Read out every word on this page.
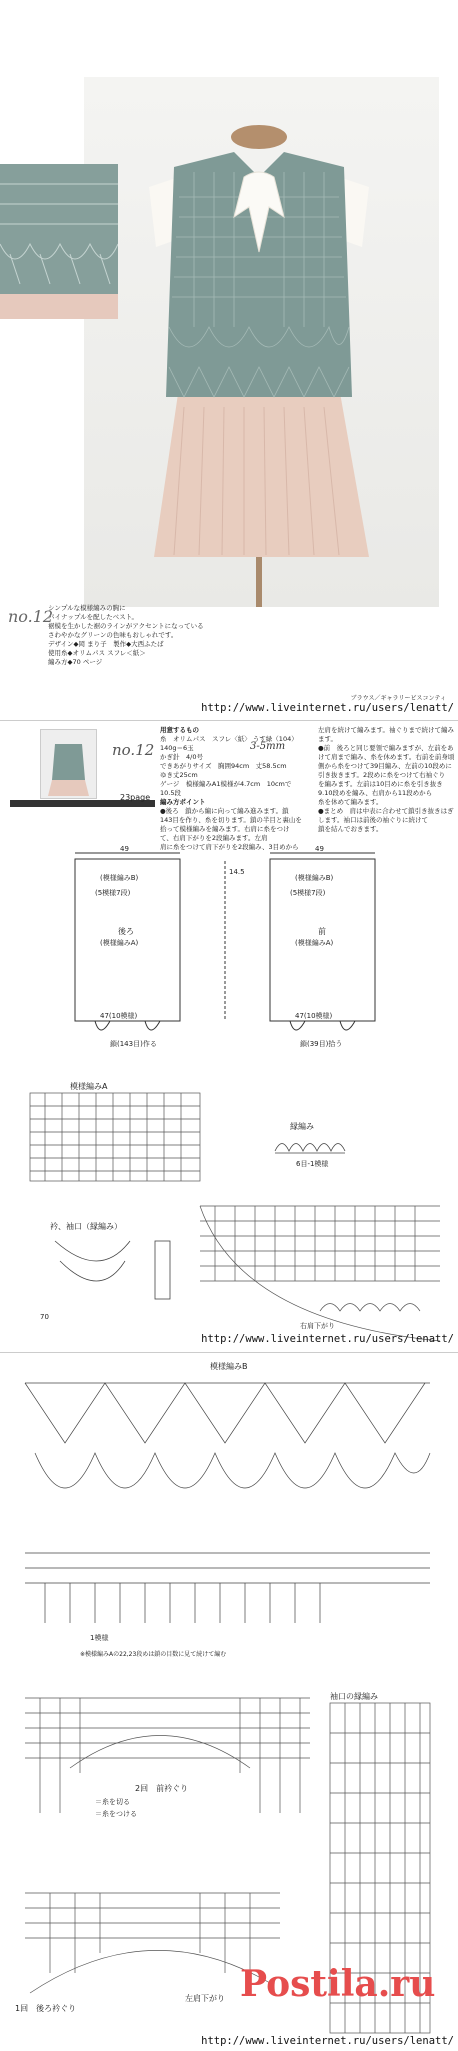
no.12
シンプルな模様編みの胸に
パイナップルを配したベスト。
裾模を生かした裾のラインがアクセントになっている
さわやかなグリーンの色味もおしゃれです。
デザイン◆岡 まり子　製作◆大西ふたば
使用糸◆オリムパス スフレ＜紙＞
編み方◆70 ページ
ブラウス／ギャラリービスコンティ
http://www.liveinternet.ru/users/lenatt/
no.12
23page
用意するもの
糸　オリムパス　スフレ〈紙〉 うす緑（104）
140g＝6玉
かぎ針　4/0号
できあがりサイズ　胸囲94cm　丈58.5cm
ゆき丈25cm
ゲージ　模様編みA1模様が4.7cm　10cmで
10.5段
編み方ポイント
●後ろ　鎖から編に向って編み進みます。鎖
143目を作り、糸を切ります。鎖の半目と裏山を
拾って模様編みを編みます。右肩に糸をつけ
て、右肩下がりを2段編みます。左肩
肩に糸をつけて肩下がりを2段編み、3目めから
3-5mm
左肩を続けて編みます。袖ぐりまで続けて編み
ます。
●前　後ろと同じ要領で編みますが、左前をあ
けて肩まで編み、糸を休めます。右前を前身頃
側から糸をつけて39目編み、左前の10段めに
引き抜きます。2段めに糸をつけて右袖ぐり
を編みます。左前は10目めに糸を引き抜き
9.10段めを編み、右肩から11段めから
糸を休めて編みます。
●まとめ　肩は中表に合わせて鎖引き抜きはぎ
します。袖口は前後の袖ぐりに続けて
鎖を結んでおきます。
49	49
14.5
(模様編みB)
(5模様7段)
(模様編みB)
(5模様7段)
後ろ
(模様編みA)
前
(模様編みA)
47(10模様)	47(10模様)
鎖(143目)作る	鎖(39目)拾う
模様編みA
縁編み
6目-1模様
衿、袖口（縁編み）
右肩下がり
70
http://www.liveinternet.ru/users/lenatt/
模様編みB
1模様
※模様編みAの22,23段めは鎖の目数に見て続けて編む
2回　前衿ぐり
＝糸を切る
＝糸をつける
袖口の縁編み
左肩下がり
1回　後ろ衿ぐり
Postila.ru
http://www.liveinternet.ru/users/lenatt/
